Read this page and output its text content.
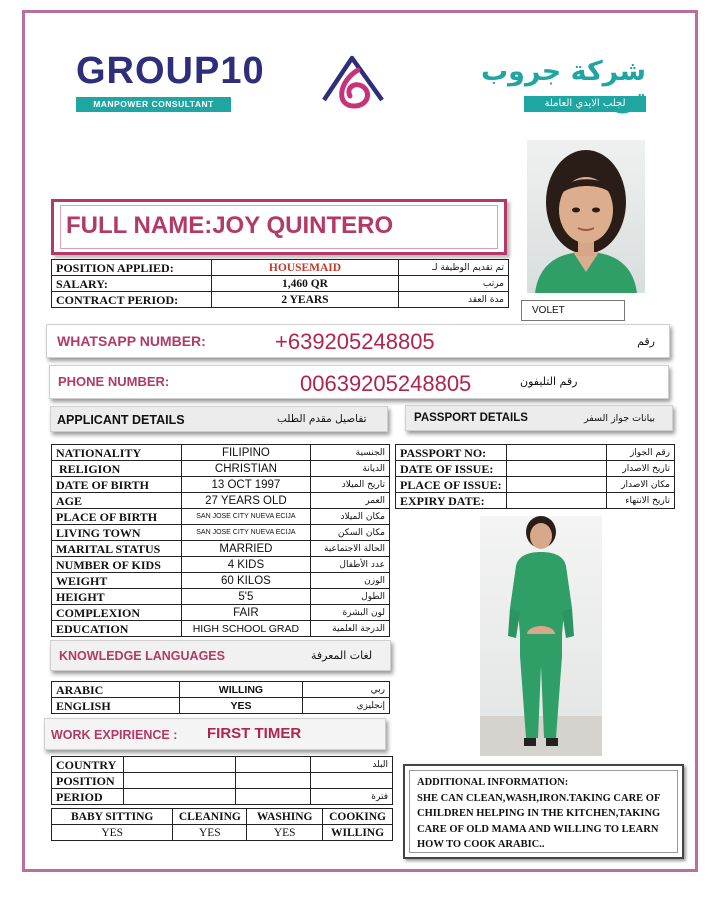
GROUP10
MANPOWER CONSULTANT
شركة جروب
لجلب الايدي العاملة
VOLET
FULL NAME:JOY QUINTERO
POSITION APPLIED:	HOUSEMAID	تم تقديم الوظيفة لـ
SALARY:	1,460 QR	مرتب
CONTRACT PERIOD:	2 YEARS	مدة العقد
WHATSAPP NUMBER:	+639205248805	رقم
PHONE NUMBER:	00639205248805	رقم التليفون
APPLICANT DETAILS	تفاصيل مقدم الطلب	PASSPORT DETAILS	بيانات جواز السفر
NATIONALITY	FILIPINO	الجنسية
RELIGION	CHRISTIAN	الديانة
DATE OF BIRTH	13 OCT 1997	تاريخ الميلاد
AGE	27 YEARS OLD	العمر
PLACE OF BIRTH	SAN JOSE CITY NUEVA ECIJA	مكان الميلاد
LIVING TOWN	SAN JOSE CITY NUEVA ECIJA	مكان السكن
MARITAL STATUS	MARRIED	الحالة الاجتماعية
NUMBER OF KIDS	4 KIDS	عدد الأطفال
WEIGHT	60 KILOS	الوزن
HEIGHT	5'5	الطول
COMPLEXION	FAIR	لون البشرة
EDUCATION	HIGH SCHOOL GRAD	الدرجة العلمية
PASSPORT NO:		رقم الجواز
DATE OF ISSUE:		تاريخ الاصدار
PLACE OF ISSUE:		مكان الاصدار
EXPIRY DATE:		تاريخ الانتهاء
KNOWLEDGE LANGUAGES	لغات المعرفة
ARABIC	WILLING	ربي
ENGLISH	YES	إنجليزي
WORK EXPIRIENCE : FIRST TIMER
COUNTRY			البلد
POSITION			
PERIOD			فترة
BABY SITTING	CLEANING	WASHING	COOKING
YES	YES	YES	WILLING
ADDITIONAL INFORMATION:
SHE CAN CLEAN,WASH,IRON.TAKING CARE OF CHILDREN HELPING IN THE KITCHEN,TAKING CARE OF OLD MAMA AND WILLING TO LEARN HOW TO COOK ARABIC..
